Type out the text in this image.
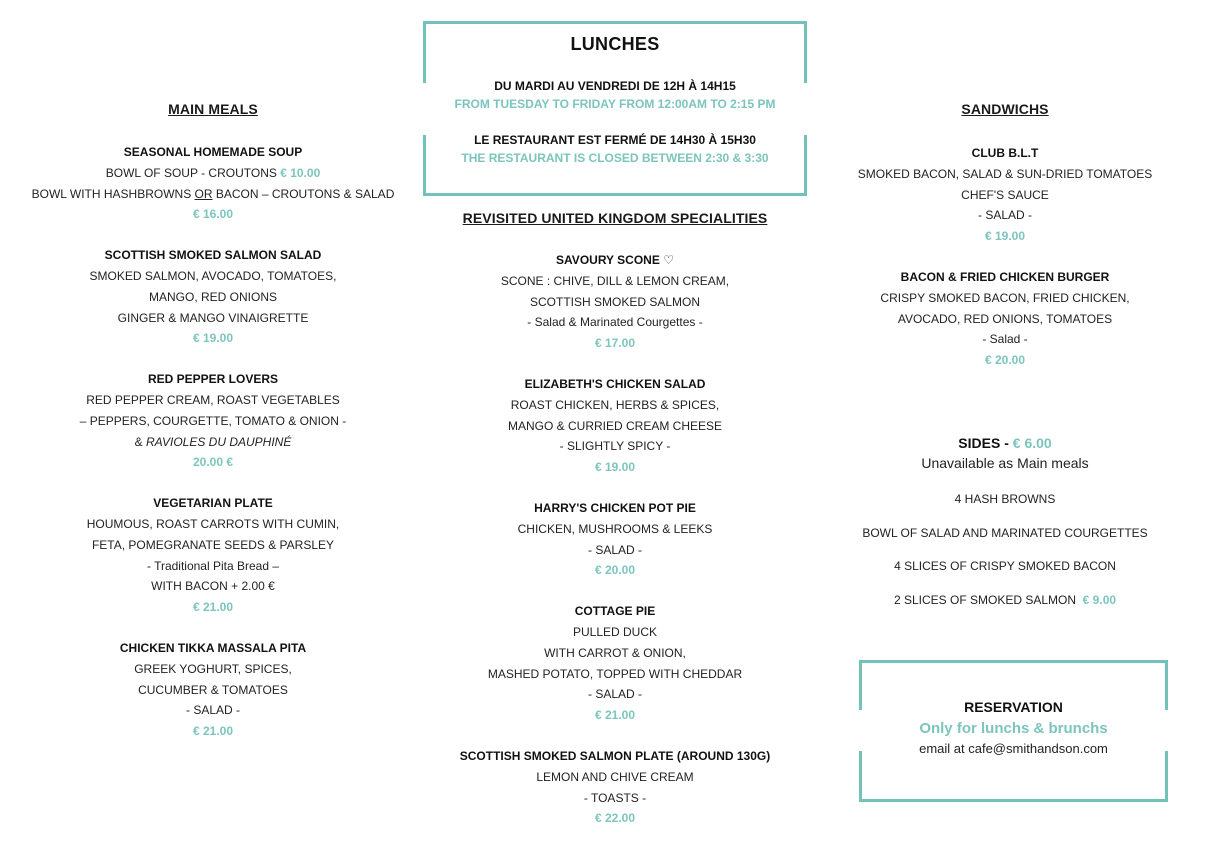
MAIN MEALS
SEASONAL HOMEMADE SOUP
BOWL OF SOUP - CROUTONS € 10.00
BOWL WITH HASHBROWNS OR BACON – CROUTONS & SALAD
€ 16.00
SCOTTISH SMOKED SALMON SALAD
SMOKED SALMON, AVOCADO, TOMATOES,
MANGO, RED ONIONS
GINGER & MANGO VINAIGRETTE
€ 19.00
RED PEPPER LOVERS
RED PEPPER CREAM, ROAST VEGETABLES
– PEPPERS, COURGETTE, TOMATO & ONION -
& RAVIOLES DU DAUPHINÉ
20.00 €
VEGETARIAN PLATE
HOUMOUS, ROAST CARROTS WITH CUMIN,
FETA, POMEGRANATE SEEDS & PARSLEY
- Traditional Pita Bread –
WITH BACON + 2.00 €
€ 21.00
CHICKEN TIKKA MASSALA PITA
GREEK YOGHURT, SPICES,
CUCUMBER & TOMATOES
- SALAD -
€ 21.00
LUNCHES
DU MARDI AU VENDREDI DE 12H À 14H15
FROM TUESDAY TO FRIDAY FROM 12:00AM TO 2:15 PM
LE RESTAURANT EST FERMÉ DE 14H30 À 15H30
THE RESTAURANT IS CLOSED BETWEEN 2:30 & 3:30
REVISITED UNITED KINGDOM SPECIALITIES
SAVOURY SCONE ♡
SCONE : CHIVE, DILL & LEMON CREAM,
SCOTTISH SMOKED SALMON
- Salad & Marinated Courgettes -
€ 17.00
ELIZABETH'S CHICKEN SALAD
ROAST CHICKEN, HERBS & SPICES,
MANGO & CURRIED CREAM CHEESE
- SLIGHTLY SPICY -
€ 19.00
HARRY'S CHICKEN POT PIE
CHICKEN, MUSHROOMS & LEEKS
- SALAD -
€ 20.00
COTTAGE PIE
PULLED DUCK
WITH CARROT & ONION,
MASHED POTATO, TOPPED WITH CHEDDAR
- SALAD -
€ 21.00
SCOTTISH SMOKED SALMON PLATE (AROUND 130G)
LEMON AND CHIVE CREAM
- TOASTS -
€ 22.00
SANDWICHS
CLUB B.L.T
SMOKED BACON, SALAD & SUN-DRIED TOMATOES
CHEF'S SAUCE
- SALAD -
€ 19.00
BACON & FRIED CHICKEN BURGER
CRISPY SMOKED BACON, FRIED CHICKEN,
AVOCADO, RED ONIONS, TOMATOES
- Salad -
€ 20.00
SIDES - € 6.00
Unavailable as Main meals
4 HASH BROWNS
BOWL OF SALAD AND MARINATED COURGETTES
4 SLICES OF CRISPY SMOKED BACON
2 SLICES OF SMOKED SALMON  € 9.00
RESERVATION
Only for lunchs & brunchs
email at cafe@smithandson.com
